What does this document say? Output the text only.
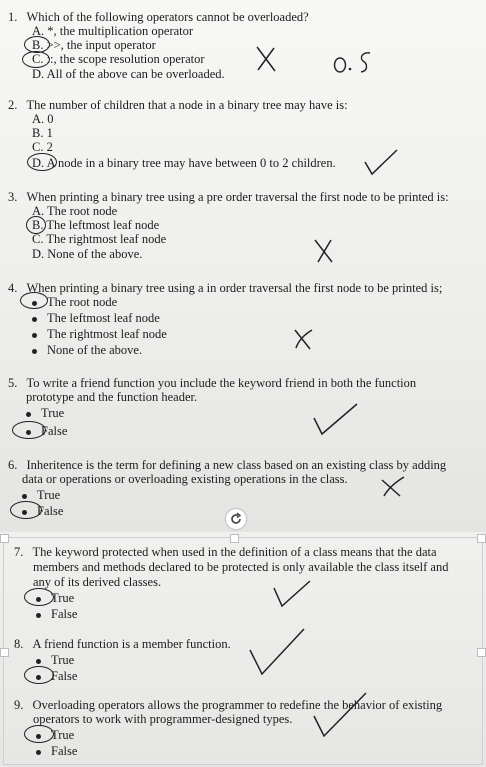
1. Which of the following operators cannot be overloaded?
A. *, the multiplication operator
B. >>, the input operator
C. ::, the scope resolution operator
D. All of the above can be overloaded.
2. The number of children that a node in a binary tree may have is:
A. 0
B. 1
C. 2
D. A node in a binary tree may have between 0 to 2 children.
3. When printing a binary tree using a pre order traversal the first node to be printed is:
A. The root node
B. The leftmost leaf node
C. The rightmost leaf node
D. None of the above.
4. When printing a binary tree using a in order traversal the first node to be printed is;
The root node
The leftmost leaf node
The rightmost leaf node
None of the above.
5. To write a friend function you include the keyword friend in both the function
prototype and the function header.
True
False
6. Inheritence is the term for defining a new class based on an existing class by adding
data or operations or overloading existing operations in the class.
True
False
7. The keyword protected when used in the definition of a class means that the data
members and methods declared to be protected is only available the class itself and
any of its derived classes.
True
False
8. A friend function is a member function.
True
False
9. Overloading operators allows the programmer to redefine the behavior of existing
operators to work with programmer-designed types.
True
False
